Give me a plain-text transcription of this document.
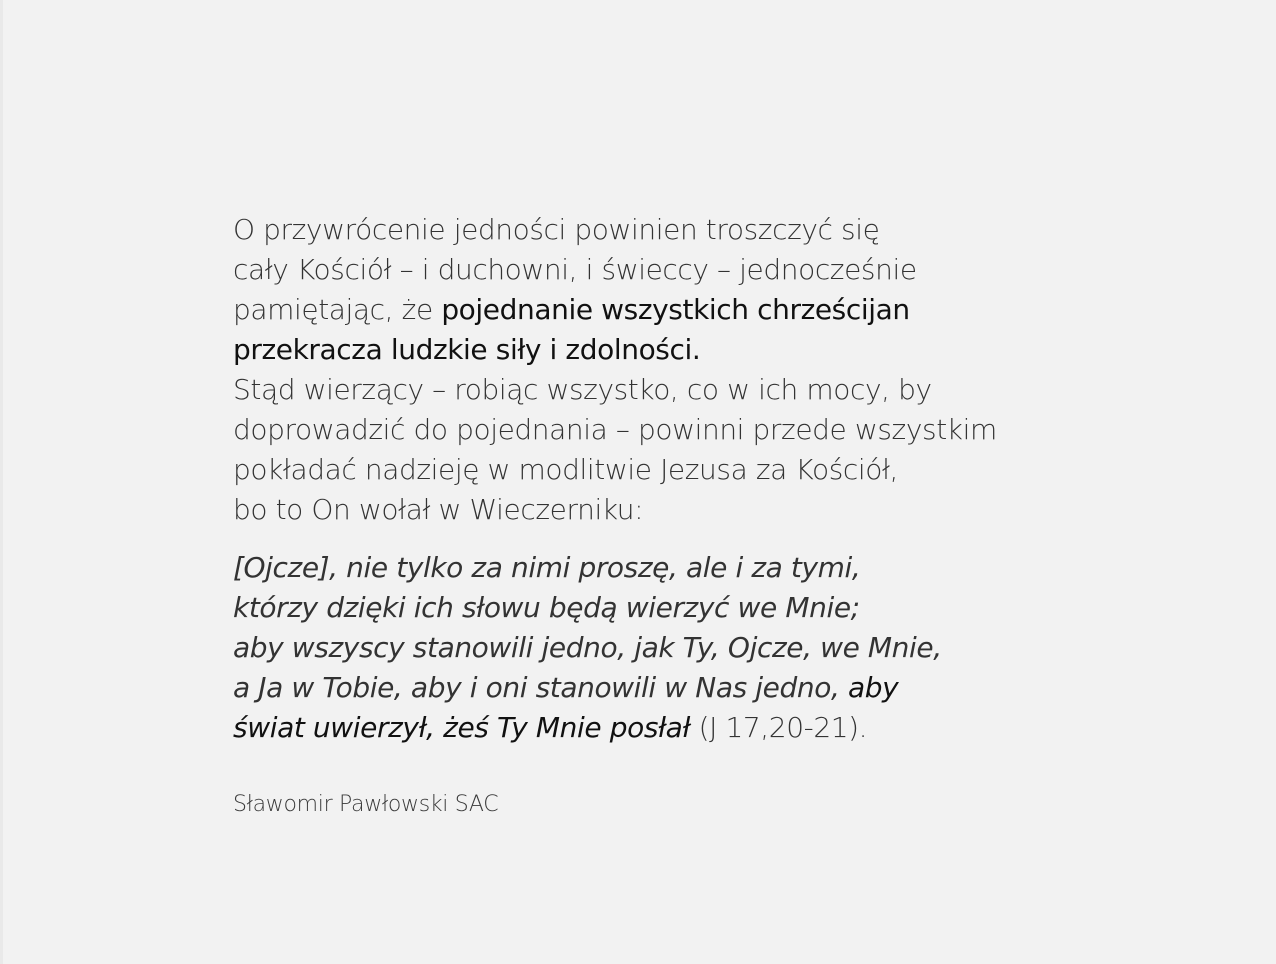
O przywrócenie jedności powinien troszczyć się
cały Kościół – i duchowni, i świeccy – jednocześnie
pamiętając, że pojednanie wszystkich chrześcijan
przekracza ludzkie siły i zdolności.
Stąd wierzący – robiąc wszystko, co w ich mocy, by
doprowadzić do pojednania – powinni przede wszystkim
pokładać nadzieję w modlitwie Jezusa za Kościół,
bo to On wołał w Wieczerniku:
[Ojcze], nie tylko za nimi proszę, ale i za tymi,
którzy dzięki ich słowu będą wierzyć we Mnie;
aby wszyscy stanowili jedno, jak Ty, Ojcze, we Mnie,
a Ja w Tobie, aby i oni stanowili w Nas jedno, aby
świat uwierzył, żeś Ty Mnie posłał (J 17,20-21).
Sławomir Pawłowski SAC
